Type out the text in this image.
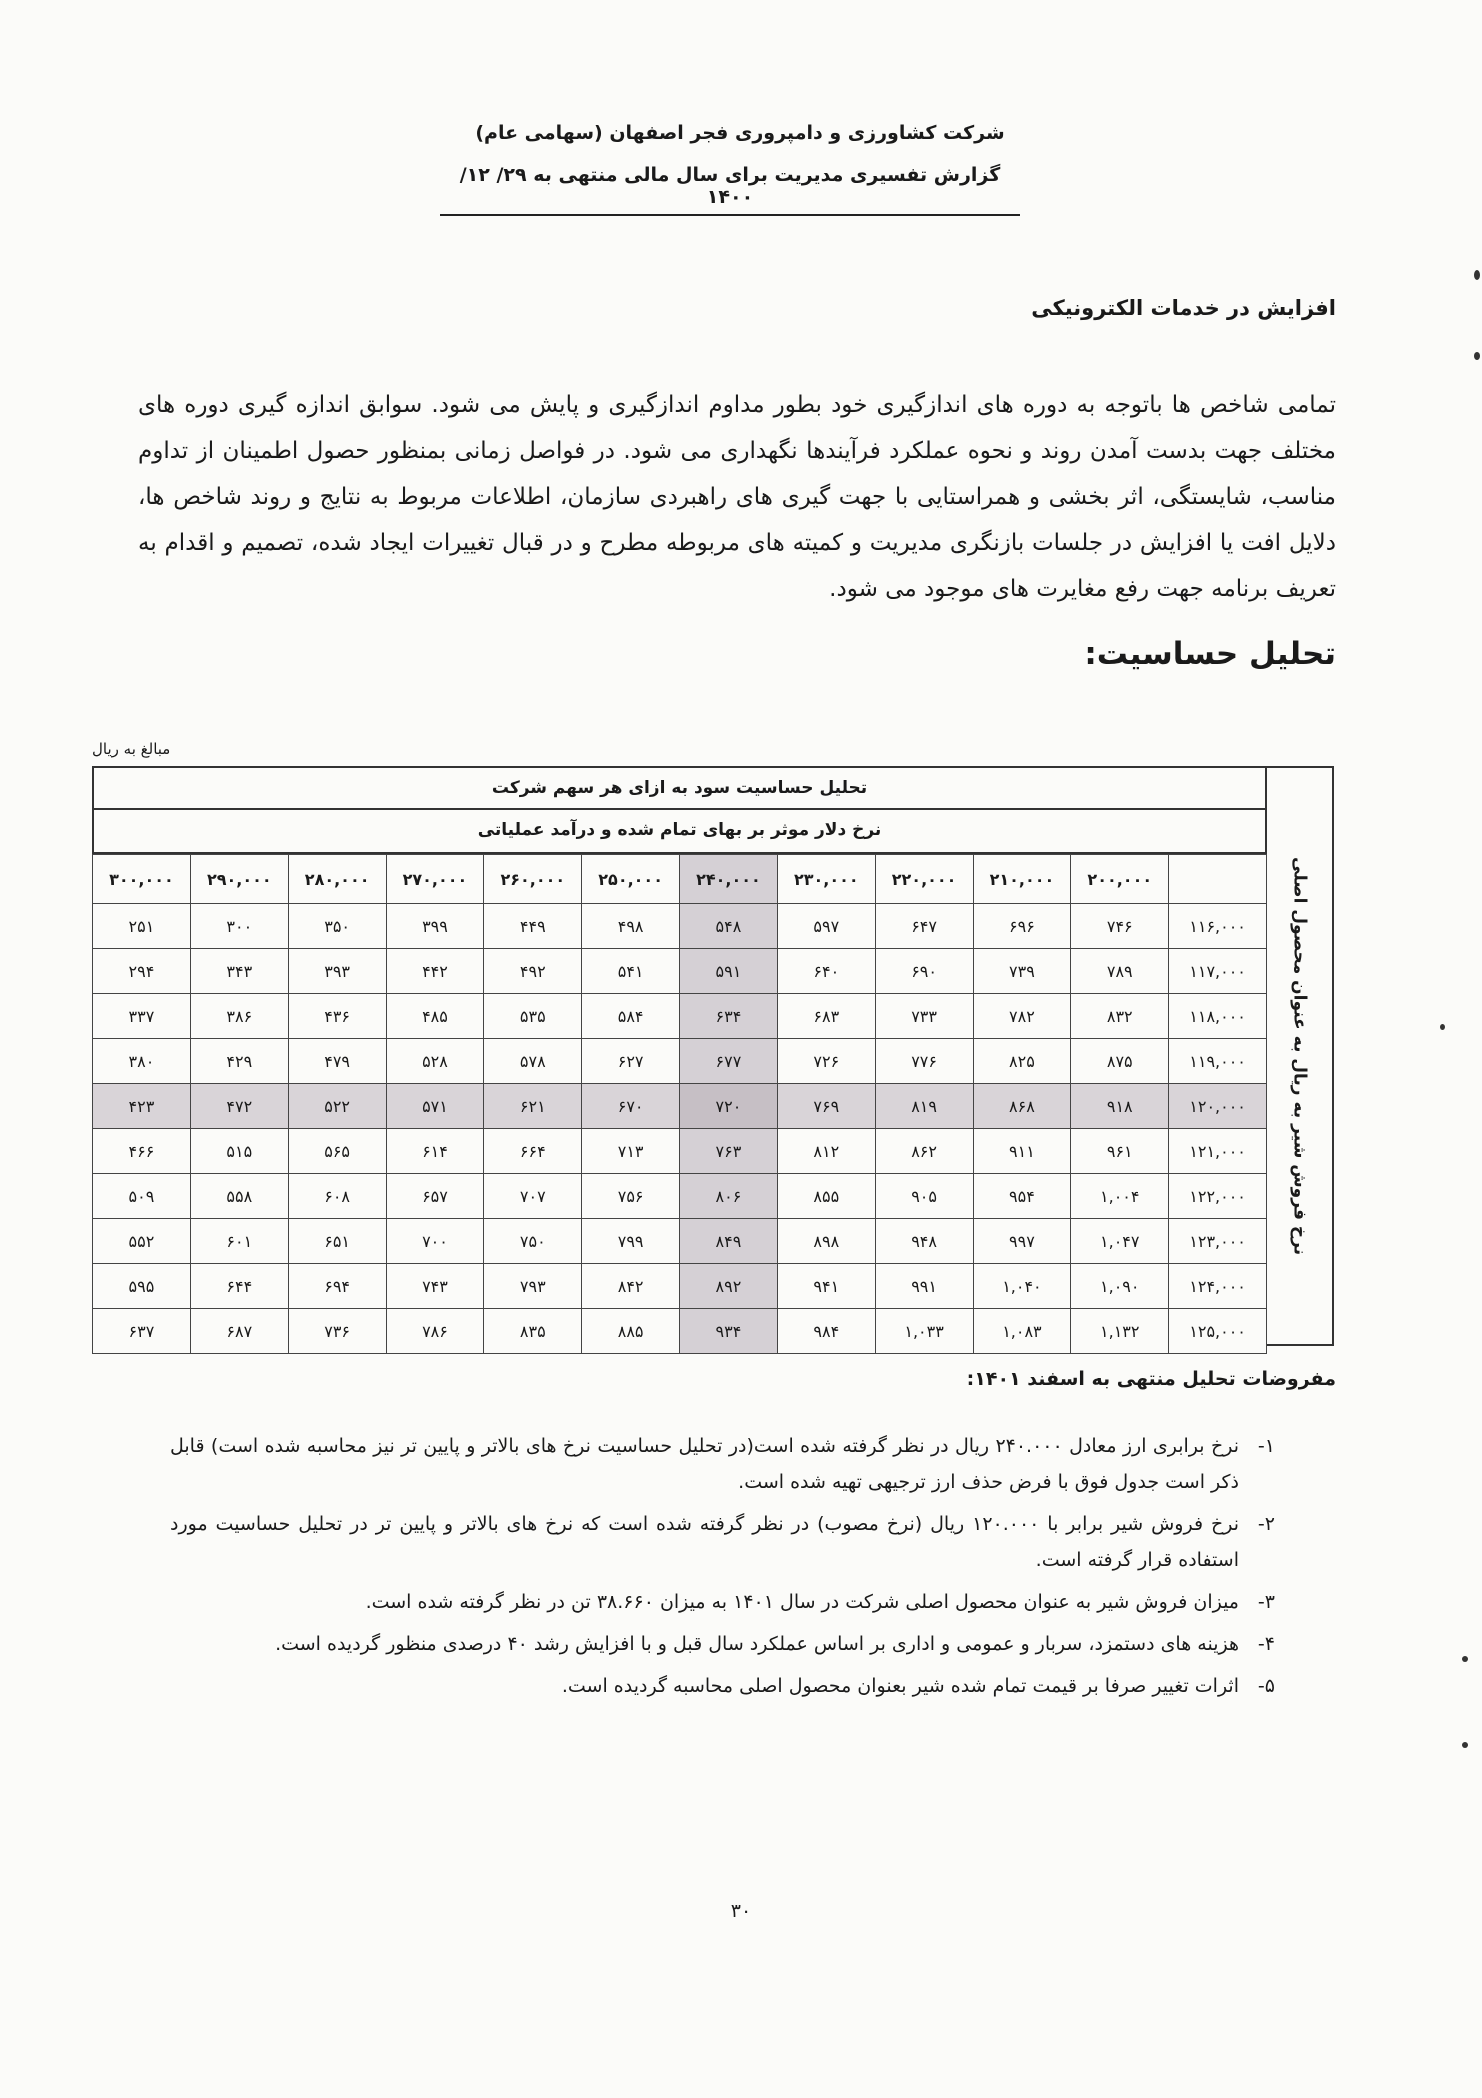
شرکت کشاورزی و دامپروری فجر اصفهان (سهامی عام)
گزارش تفسیری مدیریت برای سال مالی منتهی به ۲۹/ ۱۲/ ۱۴۰۰
افزایش در خدمات الکترونیکی
تمامی شاخص ها باتوجه به دوره های اندازگیری خود بطور مداوم اندازگیری و پایش می شود. سوابق اندازه گیری دوره های مختلف جهت بدست آمدن روند و نحوه عملکرد فرآیندها نگهداری می شود. در فواصل زمانی بمنظور حصول اطمینان از تداوم مناسب، شایستگی، اثر بخشی و همراستایی با جهت گیری های راهبردی سازمان، اطلاعات مربوط به نتایج و روند شاخص ها، دلایل افت یا افزایش در جلسات بازنگری مدیریت و کمیته های مربوطه مطرح و در قبال تغییرات ایجاد شده، تصمیم و اقدام به تعریف برنامه جهت رفع مغایرت های موجود می شود.
تحلیل حساسیت:
مبالغ به ریال
تحلیل حساسیت سود به ازای هر سهم شرکت
نرخ دلار موثر بر بهای تمام شده و درآمد عملیاتی
نرخ فروش شیر به ریال به عنوان محصول اصلی
	۲۰۰,۰۰۰	۲۱۰,۰۰۰	۲۲۰,۰۰۰	۲۳۰,۰۰۰	۲۴۰,۰۰۰	۲۵۰,۰۰۰	۲۶۰,۰۰۰	۲۷۰,۰۰۰	۲۸۰,۰۰۰	۲۹۰,۰۰۰	۳۰۰,۰۰۰
۱۱۶,۰۰۰	۷۴۶	۶۹۶	۶۴۷	۵۹۷	۵۴۸	۴۹۸	۴۴۹	۳۹۹	۳۵۰	۳۰۰	۲۵۱
۱۱۷,۰۰۰	۷۸۹	۷۳۹	۶۹۰	۶۴۰	۵۹۱	۵۴۱	۴۹۲	۴۴۲	۳۹۳	۳۴۳	۲۹۴
۱۱۸,۰۰۰	۸۳۲	۷۸۲	۷۳۳	۶۸۳	۶۳۴	۵۸۴	۵۳۵	۴۸۵	۴۳۶	۳۸۶	۳۳۷
۱۱۹,۰۰۰	۸۷۵	۸۲۵	۷۷۶	۷۲۶	۶۷۷	۶۲۷	۵۷۸	۵۲۸	۴۷۹	۴۲۹	۳۸۰
۱۲۰,۰۰۰	۹۱۸	۸۶۸	۸۱۹	۷۶۹	۷۲۰	۶۷۰	۶۲۱	۵۷۱	۵۲۲	۴۷۲	۴۲۳
۱۲۱,۰۰۰	۹۶۱	۹۱۱	۸۶۲	۸۱۲	۷۶۳	۷۱۳	۶۶۴	۶۱۴	۵۶۵	۵۱۵	۴۶۶
۱۲۲,۰۰۰	۱,۰۰۴	۹۵۴	۹۰۵	۸۵۵	۸۰۶	۷۵۶	۷۰۷	۶۵۷	۶۰۸	۵۵۸	۵۰۹
۱۲۳,۰۰۰	۱,۰۴۷	۹۹۷	۹۴۸	۸۹۸	۸۴۹	۷۹۹	۷۵۰	۷۰۰	۶۵۱	۶۰۱	۵۵۲
۱۲۴,۰۰۰	۱,۰۹۰	۱,۰۴۰	۹۹۱	۹۴۱	۸۹۲	۸۴۲	۷۹۳	۷۴۳	۶۹۴	۶۴۴	۵۹۵
۱۲۵,۰۰۰	۱,۱۳۲	۱,۰۸۳	۱,۰۳۳	۹۸۴	۹۳۴	۸۸۵	۸۳۵	۷۸۶	۷۳۶	۶۸۷	۶۳۷
مفروضات تحلیل منتهی به اسفند ۱۴۰۱:
۱-
نرخ برابری ارز معادل ۲۴۰.۰۰۰ ریال در نظر گرفته شده است(در تحلیل حساسیت نرخ های بالاتر و پایین تر نیز محاسبه شده است) قابل ذکر است جدول فوق با فرض حذف ارز ترجیهی تهیه شده است.
۲-
نرخ فروش شیر برابر با ۱۲۰.۰۰۰ ریال (نرخ مصوب) در نظر گرفته شده است که نرخ های بالاتر و پایین تر در تحلیل حساسیت مورد استفاده قرار گرفته است.
۳-
میزان فروش شیر به عنوان محصول اصلی شرکت در سال ۱۴۰۱ به میزان ۳۸.۶۶۰ تن در نظر گرفته شده است.
۴-
هزینه های دستمزد، سربار و عمومی و اداری بر اساس عملکرد سال قبل و با افزایش رشد ۴۰ درصدی منظور گردیده است.
۵-
اثرات تغییر صرفا بر قیمت تمام شده شیر بعنوان محصول اصلی محاسبه گردیده است.
۳۰
